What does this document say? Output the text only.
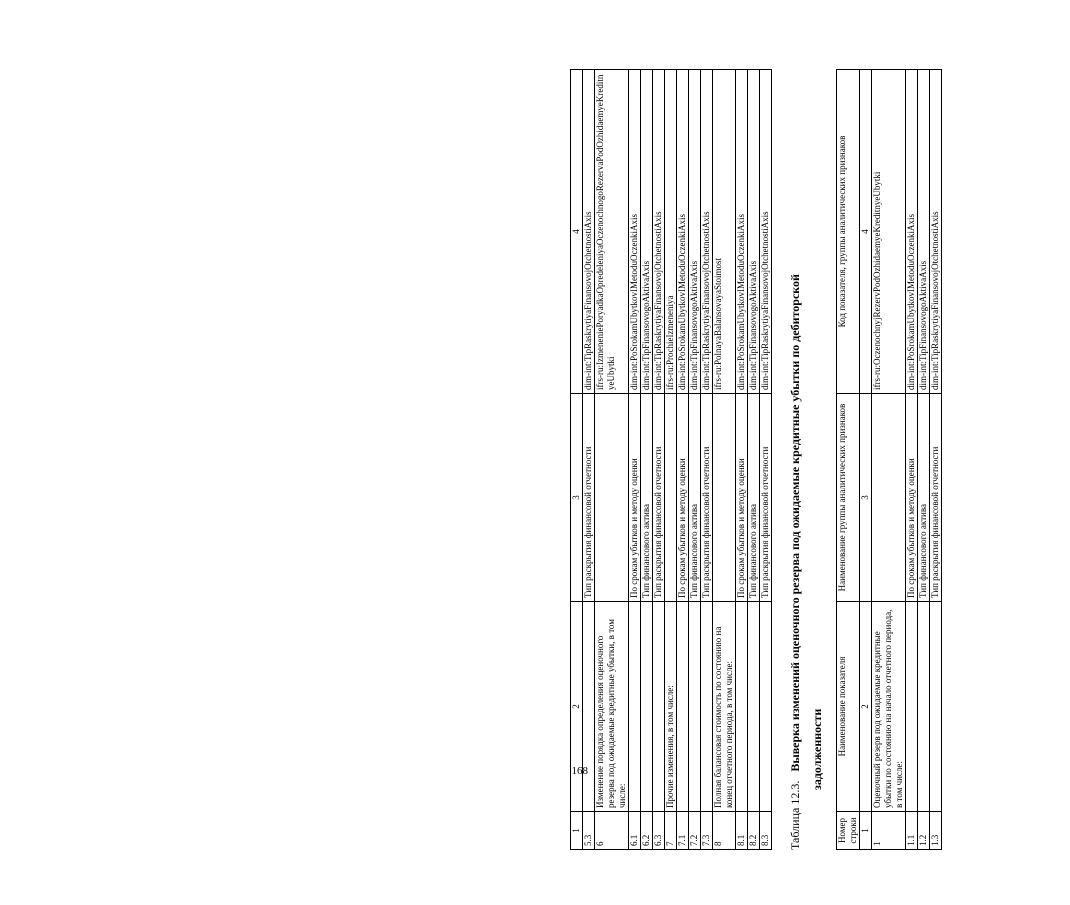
1	2	3	4
5.3		Тип раскрытия финансовой отчетности	dim-int:TipRaskrytiyaFinansovojOtchetnostiAxis
6	Изменение порядка определения оценочного резерва под ожидаемые кредитные убытки, в том числе:		ifrs-ru:IzmeneniePoryadkaOpredeleniyaOczenochnogoRezervaPodOzhidaemyeKreditnyeUbytki
6.1		По срокам убытков и методу оценки	dim-int:PoSrokamUbytkovIMetoduOczenkiAxis
6.2		Тип финансового актива	dim-int:TipFinansovogoAktivaAxis
6.3		Тип раскрытия финансовой отчетности	dim-int:TipRaskrytiyaFinansovojOtchetnostiAxis
7	Прочие изменения, в том числе:		ifrs-ru:ProchieIzmeneniya
7.1		По срокам убытков и методу оценки	dim-int:PoSrokamUbytkovIMetoduOczenkiAxis
7.2		Тип финансового актива	dim-int:TipFinansovogoAktivaAxis
7.3		Тип раскрытия финансовой отчетности	dim-int:TipRaskrytiyaFinansovojOtchetnostiAxis
8	Полная балансовая стоимость по состоянию на конец отчетного периода, в том числе:		ifrs-ru:PolnayaBalansovayaStoimost
8.1		По срокам убытков и методу оценки	dim-int:PoSrokamUbytkovIMetoduOczenkiAxis
8.2		Тип финансового актива	dim-int:TipFinansovogoAktivaAxis
8.3		Тип раскрытия финансовой отчетности	dim-int:TipRaskrytiyaFinansovojOtchetnostiAxis
Таблица 12.3. Выверка изменений оценочного резерва под ожидаемые кредитные убытки по дебиторской задолженности
Номер строки	Наименование показателя	Наименование группы аналитических признаков	Код показателя, группы аналитических признаков
1	2	3	4
1	Оценочный резерв под ожидаемые кредитные убытки по состоянию на начало отчетного периода, в том числе:		ifrs-ru:OczenochnyjRezervPodOzhidaemyeKreditnyeUbytki
1.1		По срокам убытков и методу оценки	dim-int:PoSrokamUbytkovIMetoduOczenkiAxis
1.2		Тип финансового актива	dim-int:TipFinansovogoAktivaAxis
1.3		Тип раскрытия финансовой отчетности	dim-int:TipRaskrytiyaFinansovojOtchetnostiAxis
168
